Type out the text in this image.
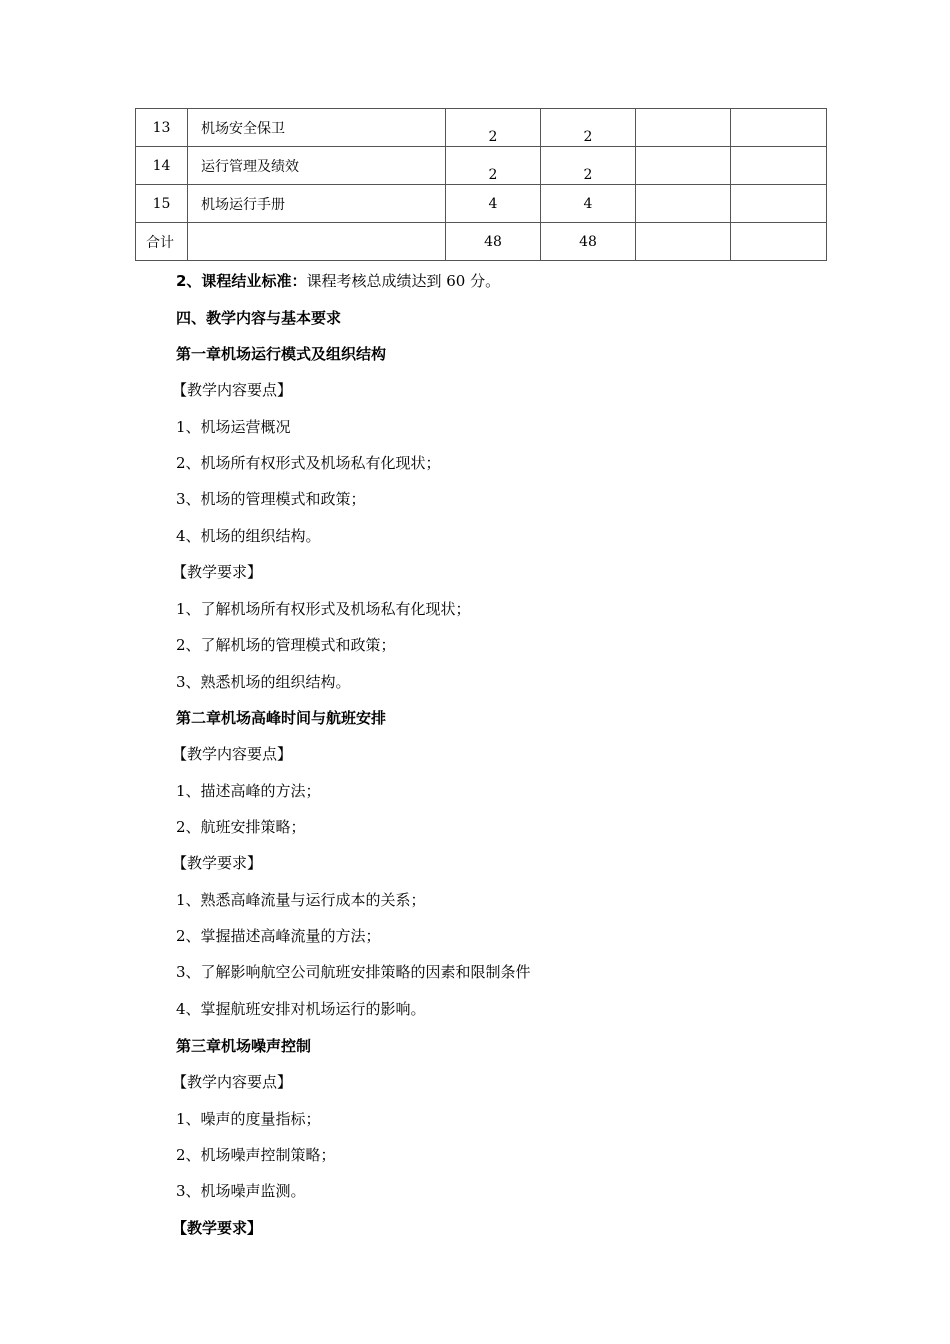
13	机场安全保卫	2	2		
14	运行管理及绩效	2	2		
15	机场运行手册	4	4		
合计		48	48		
2、课程结业标准：课程考核总成绩达到 60 分。
四、教学内容与基本要求
第一章机场运行模式及组织结构
【教学内容要点】
1、机场运营概况
2、机场所有权形式及机场私有化现状；
3、机场的管理模式和政策；
4、机场的组织结构。
【教学要求】
1、了解机场所有权形式及机场私有化现状；
2、了解机场的管理模式和政策；
3、熟悉机场的组织结构。
第二章机场高峰时间与航班安排
【教学内容要点】
1、描述高峰的方法；
2、航班安排策略；
【教学要求】
1、熟悉高峰流量与运行成本的关系；
2、掌握描述高峰流量的方法；
3、了解影响航空公司航班安排策略的因素和限制条件
4、掌握航班安排对机场运行的影响。
第三章机场噪声控制
【教学内容要点】
1、噪声的度量指标；
2、机场噪声控制策略；
3、机场噪声监测。
【教学要求】
